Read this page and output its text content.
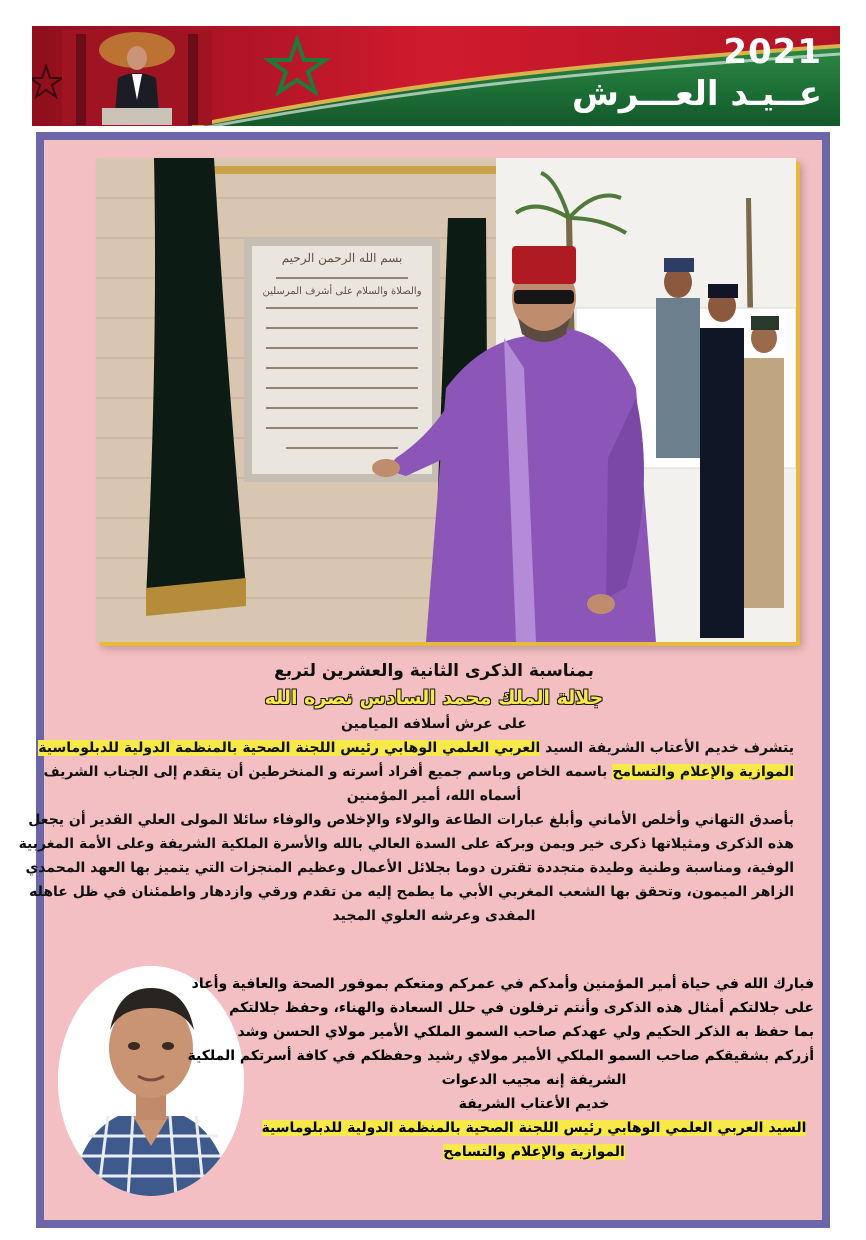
2021
عــيـد العـــرش
بسم الله الرحمن الرحيم
والصلاة والسلام على أشرف المرسلين

بمناسبة الذكرى الثانية والعشرين لتربع

جلالة الملك محمد السادس نصره الله

على عرش أسلافه الميامين

يتشرف خديم الأعتاب الشريفة السيد العربي العلمي الوهابي رئيس اللجنة الصحية بالمنظمة الدولية للدبلوماسية

الموازية والإعلام والتسامح باسمه الخاص وباسم جميع أفراد أسرته و المنخرطين أن يتقدم إلى الجناب الشريف

أسماه الله، أمير المؤمنين

بأصدق التهاني وأخلص الأماني وأبلغ عبارات الطاعة والولاء والإخلاص والوفاء سائلا المولى العلي القدير أن يجعل

هذه الذكرى ومثيلاتها ذكرى خير ويمن وبركة على السدة العالي بالله والأسرة الملكية الشريفة وعلى الأمة المغربية

الوفية، ومناسبة وطنية وطيدة متجددة تقترن دوما بجلائل الأعمال وعظيم المنجزات التي يتميز بها العهد المحمدي

الزاهر الميمون، وتحقق بها الشعب المغربي الأبي ما يطمح إليه من تقدم ورقي وازدهار واطمئنان في ظل عاهله

المفدى وعرشه العلوي المجيد

فبارك الله في حياة أمير المؤمنين وأمدكم في عمركم ومتعكم بموفور الصحة والعافية وأعاد

على جلالتكم أمثال هذه الذكرى وأنتم ترفلون في حلل السعادة والهناء، وحفظ جلالتكم

بما حفظ به الذكر الحكيم ولي عهدكم صاحب السمو الملكي الأمير مولاي الحسن وشد

أزركم بشقيقكم صاحب السمو الملكي الأمير مولاي رشيد وحفظكم في كافة أسرتكم الملكية

الشريفة إنه مجيب الدعوات

خديم الأعتاب الشريفة

السيد العربي العلمي الوهابي رئيس اللجنة الصحية بالمنظمة الدولية للدبلوماسية

الموازية والإعلام والتسامح
